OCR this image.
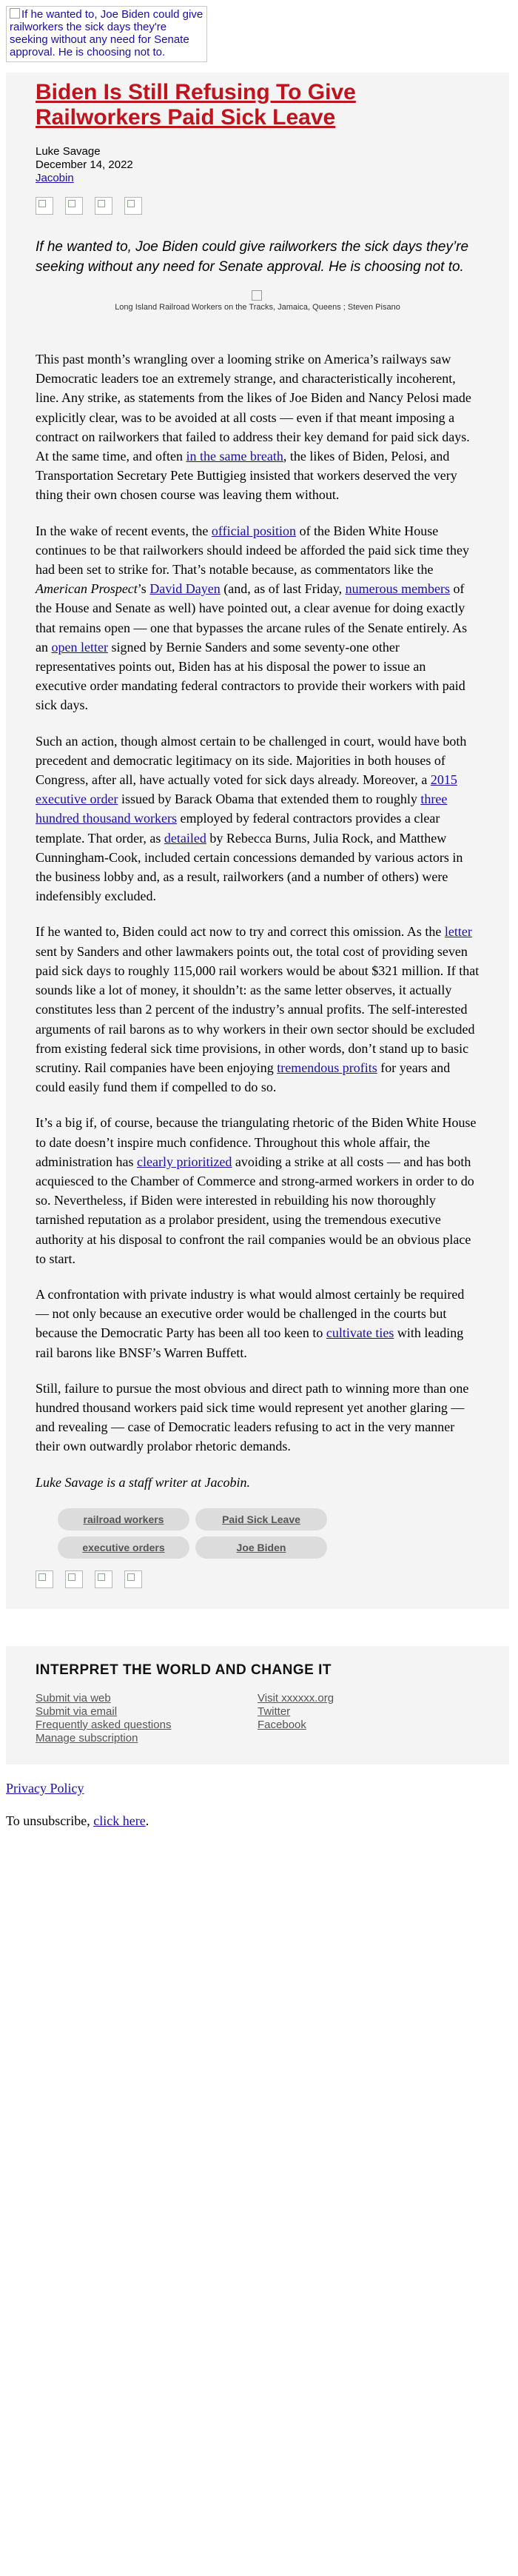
If he wanted to, Joe Biden could give railworkers the sick days they're seeking without any need for Senate approval. He is choosing not to.
Biden Is Still Refusing To Give Railworkers Paid Sick Leave
Luke Savage
December 14, 2022
Jacobin

If he wanted to, Joe Biden could give railworkers the sick days they’re seeking without any need for Senate approval. He is choosing not to.

Long Island Railroad Workers on the Tracks, Jamaica, Queens ; Steven Pisano

This past month’s wrangling over a looming strike on America’s railways saw Democratic leaders toe an extremely strange, and characteristically incoherent, line. Any strike, as statements from the likes of Joe Biden and Nancy Pelosi made explicitly clear, was to be avoided at all costs — even if that meant imposing a contract on railworkers that failed to address their key demand for paid sick days. At the same time, and often in the same breath, the likes of Biden, Pelosi, and Transportation Secretary Pete Buttigieg insisted that workers deserved the very thing their own chosen course was leaving them without.

In the wake of recent events, the official position of the Biden White House continues to be that railworkers should indeed be afforded the paid sick time they had been set to strike for. That’s notable because, as commentators like the American Prospect’s David Dayen (and, as of last Friday, numerous members of the House and Senate as well) have pointed out, a clear avenue for doing exactly that remains open — one that bypasses the arcane rules of the Senate entirely. As an open letter signed by Bernie Sanders and some seventy-one other representatives points out, Biden has at his disposal the power to issue an executive order mandating federal contractors to provide their workers with paid sick days.

Such an action, though almost certain to be challenged in court, would have both precedent and democratic legitimacy on its side. Majorities in both houses of Congress, after all, have actually voted for sick days already. Moreover, a 2015 executive order issued by Barack Obama that extended them to roughly three hundred thousand workers employed by federal contractors provides a clear template. That order, as detailed by Rebecca Burns, Julia Rock, and Matthew Cunningham-Cook, included certain concessions demanded by various actors in the business lobby and, as a result, railworkers (and a number of others) were indefensibly excluded.

If he wanted to, Biden could act now to try and correct this omission. As the letter sent by Sanders and other lawmakers points out, the total cost of providing seven paid sick days to roughly 115,000 rail workers would be about $321 million. If that sounds like a lot of money, it shouldn’t: as the same letter observes, it actually constitutes less than 2 percent of the industry’s annual profits. The self-interested arguments of rail barons as to why workers in their own sector should be excluded from existing federal sick time provisions, in other words, don’t stand up to basic scrutiny. Rail companies have been enjoying tremendous profits for years and could easily fund them if compelled to do so.

It’s a big if, of course, because the triangulating rhetoric of the Biden White House to date doesn’t inspire much confidence. Throughout this whole affair, the administration has clearly prioritized avoiding a strike at all costs — and has both acquiesced to the Chamber of Commerce and strong-armed workers in order to do so. Nevertheless, if Biden were interested in rebuilding his now thoroughly tarnished reputation as a prolabor president, using the tremendous executive authority at his disposal to confront the rail companies would be an obvious place to start.

A confrontation with private industry is what would almost certainly be required — not only because an executive order would be challenged in the courts but because the Democratic Party has been all too keen to cultivate ties with leading rail barons like BNSF’s Warren Buffett.

Still, failure to pursue the most obvious and direct path to winning more than one hundred thousand workers paid sick time would represent yet another glaring — and revealing — case of Democratic leaders refusing to act in the very manner their own outwardly prolabor rhetoric demands.

Luke Savage is a staff writer at Jacobin.

railroad workers	Paid Sick Leaveexecutive orders	Joe Biden
INTERPRET THE WORLD AND CHANGE IT
Submit via web
Submit via email
Frequently asked questions
Manage subscription
Visit xxxxxx.org
Twitter
Facebook

Privacy Policy

To unsubscribe, click here.
